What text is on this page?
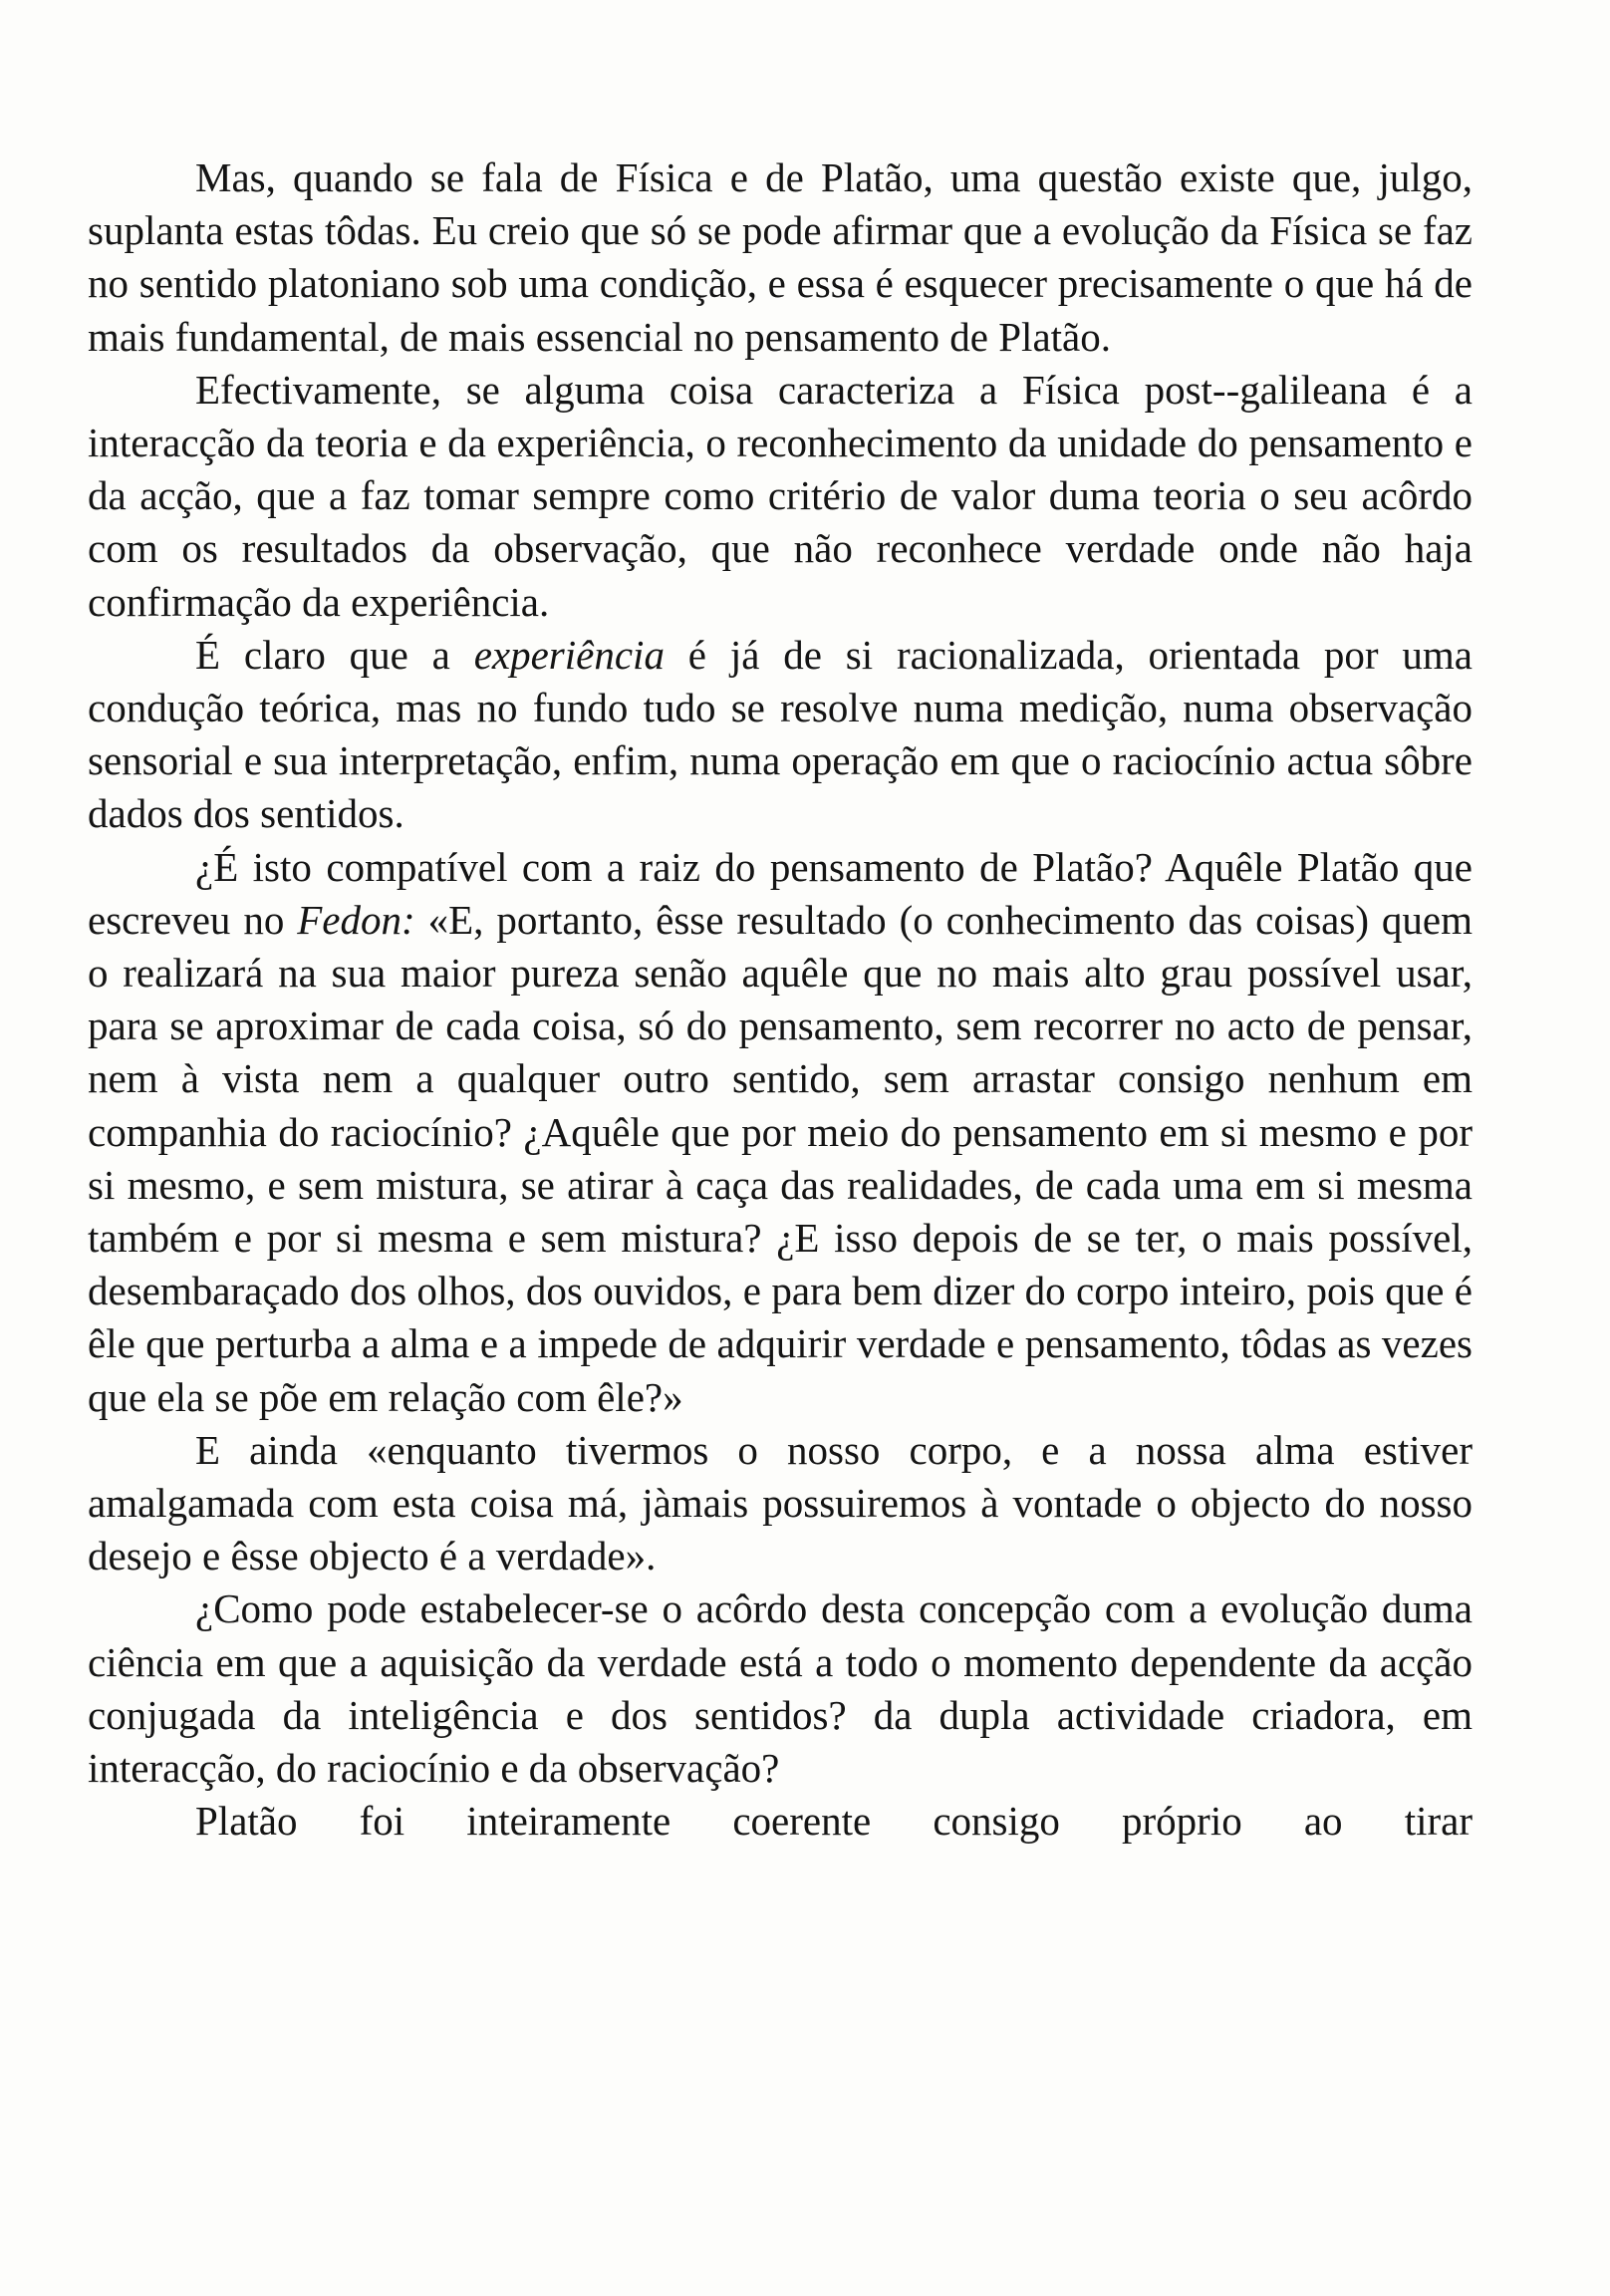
Mas, quando se fala de Física e de Platão, uma questão existe que, julgo, suplanta estas tôdas. Eu creio que só se pode afirmar que a evolução da Física se faz no sentido platoniano sob uma condição, e essa é esquecer precisamente o que há de mais fundamental, de mais essencial no pensamento de Platão.

Efectivamente, se alguma coisa caracteriza a Física post--galileana é a interacção da teoria e da experiência, o reconhecimento da unidade do pensamento e da acção, que a faz tomar sempre como critério de valor duma teoria o seu acôrdo com os resultados da observação, que não reconhece verdade onde não haja confirmação da experiência.

É claro que a experiência é já de si racionalizada, orientada por uma condução teórica, mas no fundo tudo se resolve numa medição, numa observação sensorial e sua interpretação, enfim, numa operação em que o raciocínio actua sôbre dados dos sentidos.

¿É isto compatível com a raiz do pensamento de Platão? Aquêle Platão que escreveu no Fedon: «E, portanto, êsse resultado (o conhecimento das coisas) quem o realizará na sua maior pureza senão aquêle que no mais alto grau possível usar, para se aproximar de cada coisa, só do pensamento, sem recorrer no acto de pensar, nem à vista nem a qualquer outro sentido, sem arrastar consigo nenhum em companhia do raciocínio? ¿Aquêle que por meio do pensamento em si mesmo e por si mesmo, e sem mistura, se atirar à caça das realidades, de cada uma em si mesma também e por si mesma e sem mistura? ¿E isso depois de se ter, o mais possível, desembaraçado dos olhos, dos ouvidos, e para bem dizer do corpo inteiro, pois que é êle que perturba a alma e a impede de adquirir verdade e pensamento, tôdas as vezes que ela se põe em relação com êle?»

E ainda «enquanto tivermos o nosso corpo, e a nossa alma estiver amalgamada com esta coisa má, jàmais possuiremos à vontade o objecto do nosso desejo e êsse objecto é a verdade».

¿Como pode estabelecer-se o acôrdo desta concepção com a evolução duma ciência em que a aquisição da verdade está a todo o momento dependente da acção conjugada da inteligência e dos sentidos? da dupla actividade criadora, em interacção, do raciocínio e da observação?

Platão foi inteiramente coerente consigo próprio ao tirar
